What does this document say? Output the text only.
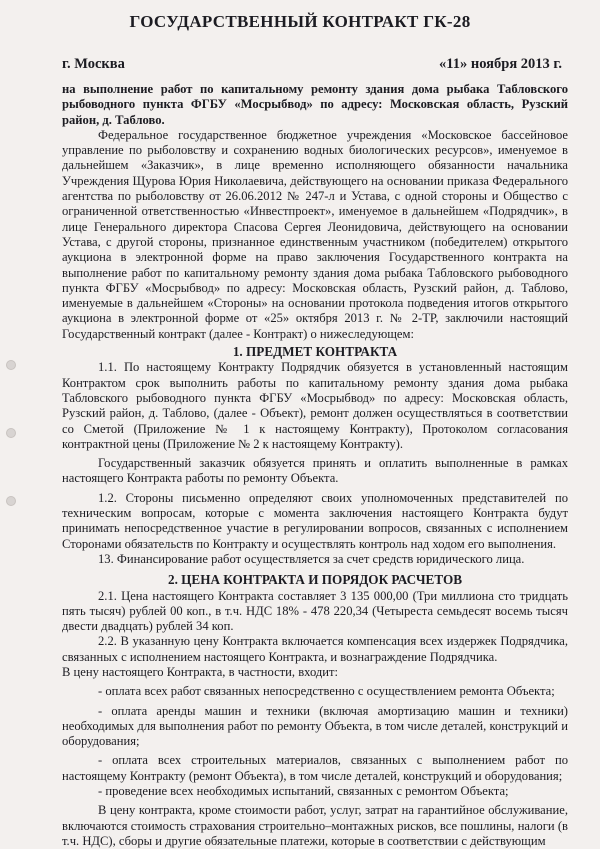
ГОСУДАРСТВЕННЫЙ КОНТРАКТ ГК-28
г. Москва	«11» ноября 2013 г.

на выполнение работ по капитальному ремонту здания дома рыбака Табловского рыбоводного пункта ФГБУ «Мосрыбвод» по адресу: Московская область, Рузский район, д. Таблово.

Федеральное государственное бюджетное учреждения «Московское бассейновое управление по рыболовству и сохранению водных биологических ресурсов», именуемое в дальнейшем «Заказчик», в лице временно исполняющего обязанности начальника Учреждения Щурова Юрия Николаевича, действующего на основании приказа Федерального агентства по рыболовству от 26.06.2012 № 247-л и Устава, с одной стороны и Общество с ограниченной ответственностью «Инвестпроект», именуемое в дальнейшем «Подрядчик», в лице Генерального директора Спасова Сергея Леонидовича, действующего на основании Устава, с другой стороны, признанное единственным участником (победителем) открытого аукциона в электронной форме на право заключения Государственного контракта на выполнение работ по капитальному ремонту здания дома рыбака Табловского рыбоводного пункта ФГБУ «Мосрыбвод» по адресу: Московская область, Рузский район, д. Таблово, именуемые в дальнейшем «Стороны» на основании протокола подведения итогов открытого аукциона в электронной форме от «25» октября 2013 г. № 2-ТР, заключили настоящий Государственный контракт (далее - Контракт) о нижеследующем:

1. ПРЕДМЕТ КОНТРАКТА

1.1. По настоящему Контракту Подрядчик обязуется в установленный настоящим Контрактом срок выполнить работы по капитальному ремонту здания дома рыбака Табловского рыбоводного пункта ФГБУ «Мосрыбвод» по адресу: Московская область, Рузский район, д. Таблово, (далее - Объект), ремонт должен осуществляться в соответствии со Сметой (Приложение № 1 к настоящему Контракту), Протоколом согласования контрактной цены (Приложение № 2 к настоящему Контракту).

Государственный заказчик обязуется принять и оплатить выполненные в рамках настоящего Контракта работы по ремонту Объекта.

1.2. Стороны письменно определяют своих уполномоченных представителей по техническим вопросам, которые с момента заключения настоящего Контракта будут принимать непосредственное участие в регулировании вопросов, связанных с исполнением Сторонами обязательств по Контракту и осуществлять контроль над ходом его выполнения.

13. Финансирование работ осуществляется за счет средств юридического лица.

2. ЦЕНА КОНТРАКТА И ПОРЯДОК РАСЧЕТОВ

2.1. Цена настоящего Контракта составляет 3 135 000,00 (Три миллиона сто тридцать пять тысяч) рублей 00 коп., в т.ч. НДС 18% - 478 220,34 (Четыреста семьдесят восемь тысяч двести двадцать) рублей 34 коп.

2.2. В указанную цену Контракта включается компенсация всех издержек Подрядчика, связанных с исполнением настоящего Контракта, и вознаграждение Подрядчика.

В цену настоящего Контракта, в частности, входит:

- оплата всех работ связанных непосредственно с осуществлением ремонта Объекта;

- оплата аренды машин и техники (включая амортизацию машин и техники) необходимых для выполнения работ по ремонту Объекта, в том числе деталей, конструкций и оборудования;

- оплата всех строительных материалов, связанных с выполнением работ по настоящему Контракту (ремонт Объекта), в том числе деталей, конструкций и оборудования;

- проведение всех необходимых испытаний, связанных с ремонтом Объекта;

В цену контракта, кроме стоимости работ, услуг, затрат на гарантийное обслуживание, включаются стоимость страхования строительно–монтажных рисков, все пошлины, налоги (в т.ч. НДС), сборы и другие обязательные платежи, которые в соответствии с действующим
